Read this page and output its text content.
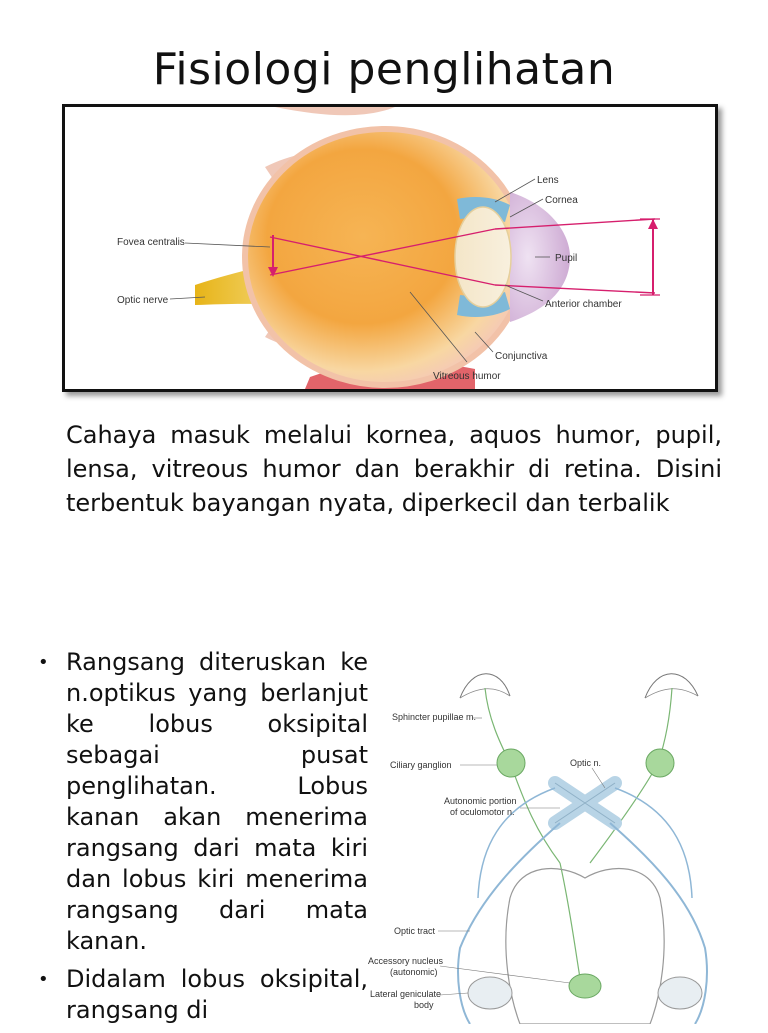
Fisiologi penglihatan
Lens
Cornea
Fovea centralis
Pupil
Optic nerve	Anterior chamber
Conjunctiva
Vitreous humor
Cahaya masuk melalui kornea, aquos humor, pupil, lensa, vitreous humor dan berakhir di retina. Disini terbentuk bayangan nyata, diperkecil dan terbalik
• Rangsang diteruskan ke n.optikus yang berlanjut ke lobus oksipital sebagai pusat penglihatan. Lobus kanan akan menerima rangsang dari mata kiri dan lobus kiri menerima rangsang dari mata kanan.
• Didalam lobus oksipital, rangsang di
Sphincter pupillae m.
Ciliary ganglion	Optic n.
Autonomic portion
of oculomotor n.
Optic tract
Accessory nucleus
(autonomic)
Lateral geniculate
body
